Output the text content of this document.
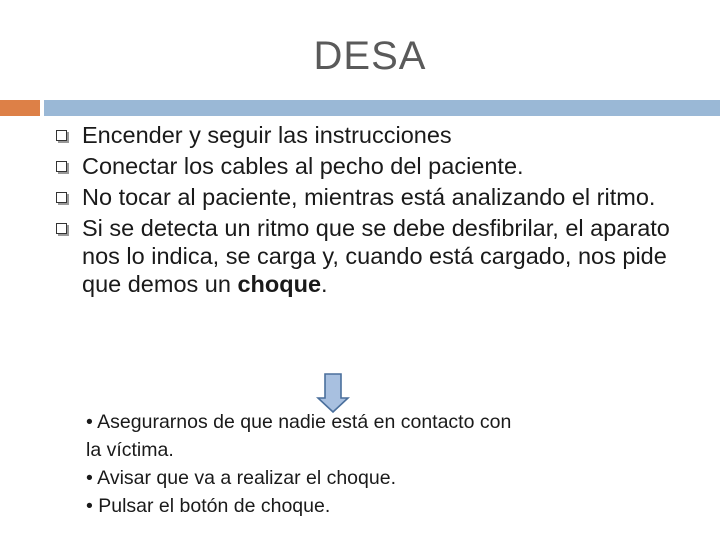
DESA
Encender y seguir las instrucciones
Conectar los cables al pecho del paciente.
No tocar al paciente, mientras está analizando el ritmo.
Si se detecta un ritmo que se debe desfibrilar, el aparato nos lo indica, se carga y, cuando está cargado, nos pide que demos un choque.
• Asegurarnos de que nadie está en contacto con
la víctima.
• Avisar que va a realizar el choque.
• Pulsar el botón de choque.
